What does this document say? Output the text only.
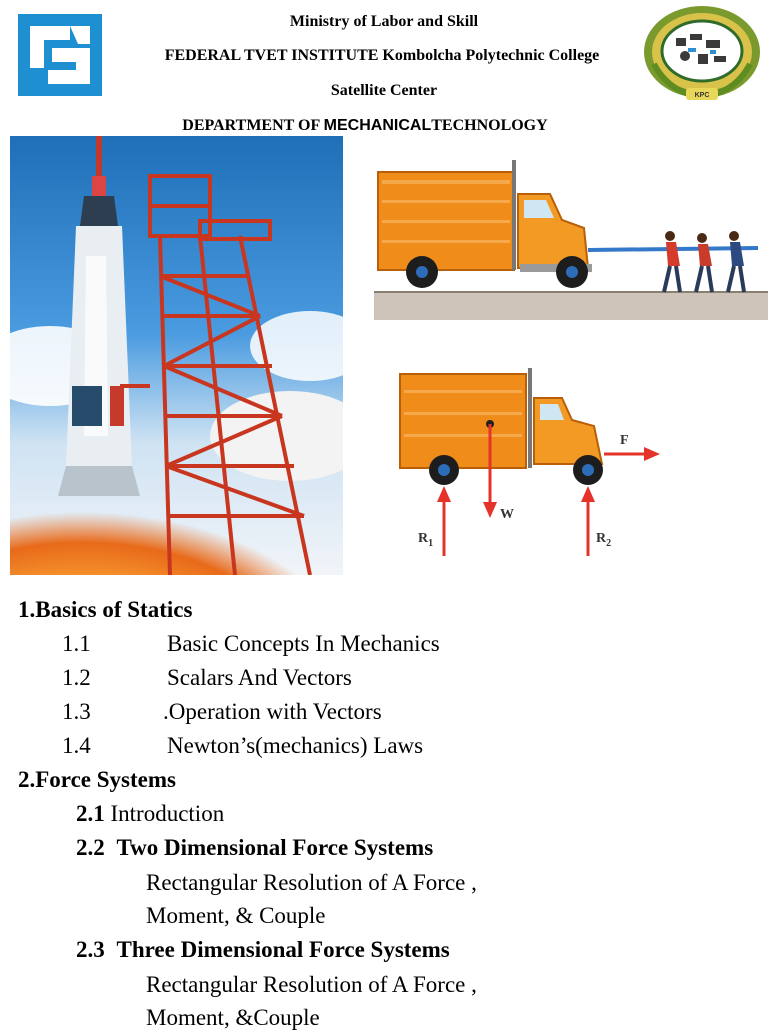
Ministry of Labor and Skill
FEDERAL TVET INSTITUTE Kombolcha Polytechnic College
Satellite Center
DEPARTMENT OF MECHANICALTECHNOLOGY
KPC
F
W
$R_1$	$R_2$
1.Basics of Statics
1.1	Basic Concepts In Mechanics
1.2	Scalars And Vectors
1.3	.Operation with Vectors
1.4	Newton’s(mechanics) Laws
2.Force Systems
2.1 Introduction
2.2 Two Dimensional Force Systems
Rectangular Resolution of A Force ,
Moment, & Couple
2.3 Three Dimensional Force Systems
Rectangular Resolution of A Force ,
Moment, &Couple
